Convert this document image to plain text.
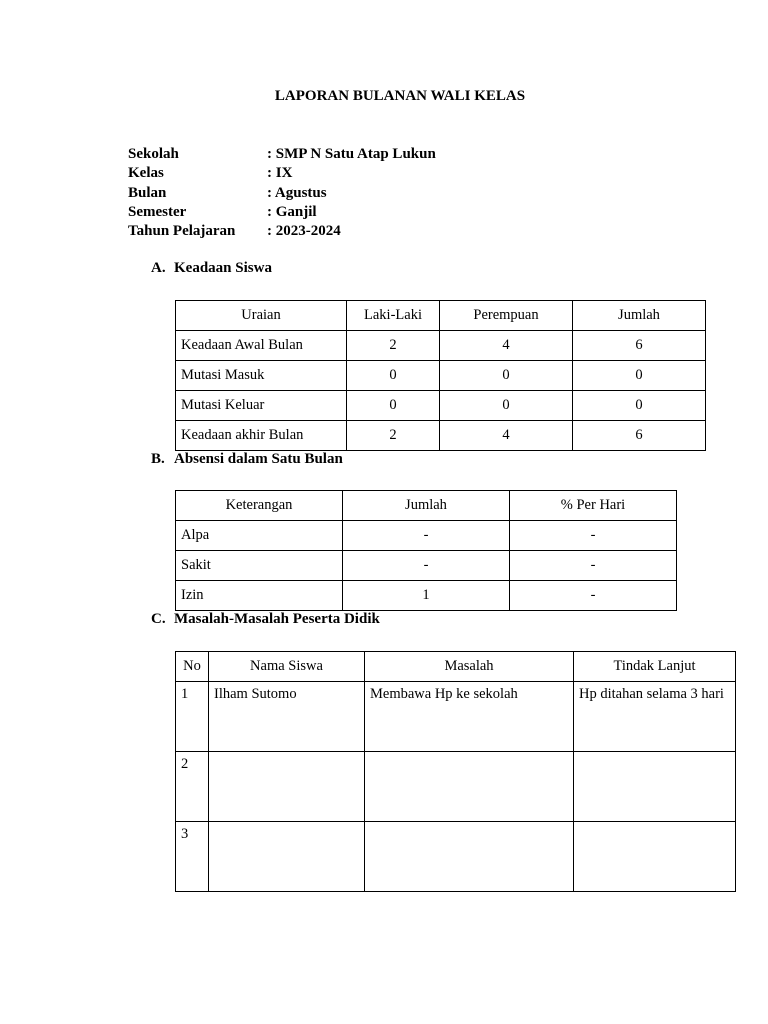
LAPORAN BULANAN WALI KELAS
Sekolah	: SMP N Satu Atap Lukun
Kelas	: IX
Bulan	: Agustus
Semester	: Ganjil
Tahun Pelajaran : 2023-2024
A. Keadaan Siswa
Uraian	Laki-Laki	Perempuan	Jumlah
Keadaan Awal Bulan	2	4	6
Mutasi Masuk	0	0	0
Mutasi Keluar	0	0	0
Keadaan akhir Bulan	2	4	6
B. Absensi dalam Satu Bulan
Keterangan	Jumlah	% Per Hari
Alpa	-	-
Sakit	-	-
Izin	1	-
C. Masalah-Masalah Peserta Didik
No	Nama Siswa	Masalah	Tindak Lanjut
1	Ilham Sutomo	Membawa Hp ke sekolah	Hp ditahan selama 3 hari
2			
3			
